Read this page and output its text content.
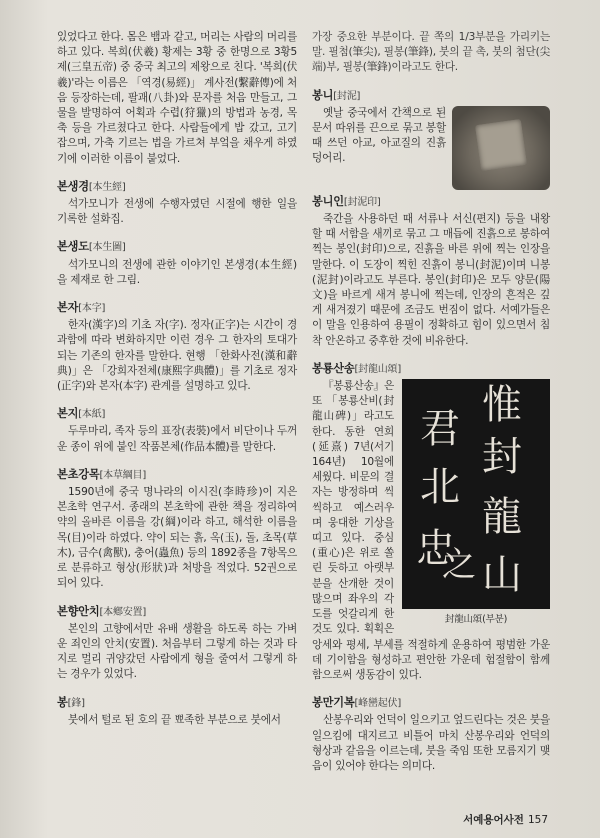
있었다고 한다. 몸은 뱀과 같고, 머리는 사람의 머리를 하고 있다. 복희(伏羲) 황제는 3황 중 한명으로 3황5제(三皇五帝) 중 중국 최고의 제왕으로 친다. '복희(伏羲)'라는 이름은 「역경(易經)」 계사전(繫辭傳)에 처음 등장하는데, 팔괘(八卦)와 문자를 처음 만들고, 그물을 발명하여 어획과 수렵(狩獵)의 방법과 농경, 목축 등을 가르쳤다고 한다. 사람들에게 밥 갔고, 고기 잡으며, 가축 기르는 법을 가르쳐 부엌을 채우게 하였기에 이러한 이름이 붙었다.

본생경[本生經]

석가모니가 전생에 수행자였던 시절에 행한 일을 기록한 설화집.

본생도[本生圖]

석가모니의 전생에 관한 이야기인 본생경(本生經)을 제재로 한 그림.

본자[本字]

한자(漢字)의 기초 자(字). 정자(正字)는 시간이 경과함에 따라 변화하지만 이런 경우 그 한자의 토대가 되는 기존의 한자를 말한다. 현행 「한화사전(漢和辭典)」은 「강희자전체(康熙字典體)」를 기초로 정자(正字)와 본자(本字) 관계를 설명하고 있다.

본지[本紙]

두루마리, 족자 등의 표장(表裝)에서 비단이나 두꺼운 종이 위에 붙인 작품본체(作品本體)를 말한다.

본초강목[本草綱目]

1590년에 중국 명나라의 이시진(李時珍)이 지은 본초학 연구서. 종래의 본초학에 관한 책을 정리하여 약의 올바른 이름을 강(綱)이라 하고, 해석한 이름을 목(目)이라 하였다. 약이 되는 흙, 옥(玉), 돌, 초목(草木), 금수(禽獸), 충어(蟲魚) 등의 1892종을 7항목으로 분류하고 형상(形狀)과 처방을 적었다. 52권으로 되어 있다.

본향안치[本鄕安置]

본인의 고향에서만 유배 생활을 하도록 하는 가벼운 죄인의 안치(安置). 처음부터 그렇게 하는 것과 타지로 멀리 귀양갔던 사람에게 형을 줄여서 그렇게 하는 경우가 있었다.

봉[鋒]

붓에서 털로 된 호의 끝 뾰족한 부분으로 붓에서

가장 중요한 부분이다. 끝 쪽의 1/3부분을 가리키는 말. 필첨(筆尖), 필봉(筆鋒), 붓의 끝 촉, 붓의 첨단(尖端)부, 필봉(筆鋒)이라고도 한다.

봉니[封泥]

옛날 중국에서 간책으로 된 문서 따위를 끈으로 묶고 봉할 때 쓰던 아교, 아교질의 진흙 덩어리.

봉니인[封泥印]

죽간을 사용하던 때 서류나 서신(편지) 등을 내왕할 때 서함을 새끼로 묶고 그 매듭에 진흙으로 봉하여 찍는 봉인(封印)으로, 진흙을 바른 위에 찍는 인장을 말한다. 이 도장이 찍힌 진흙이 봉니(封泥)이며 니봉(泥封)이라고도 부른다. 봉인(封印)은 모두 양문(陽文)을 바르게 새겨 봉니에 찍는데, 인장의 흔적은 깊게 새겨졌기 때문에 조금도 번짐이 없다. 서예가들은 이 말을 인용하여 용필이 정확하고 힘이 있으면서 침착 안온하고 중후한 것에 비유한다.

봉룡산송[封龍山頌]
惟
封
龍
山
君
北
忠
之
封龍山頌(부분)

『봉룡산송』은 또 「봉룡산비(封龍山碑)」라고도 한다. 동한 연희(延熹) 7년(서기 164년) 10월에 세웠다. 비문의 결자는 방정하며 씩씩하고 예스러우며 웅대한 기상을 띠고 있다. 중심(重心)은 위로 쏠린 듯하고 아랫부분을 산개한 것이 많으며 좌우의 각도를 엇갈리게 한 것도 있다. 획획은 앙세와 평세, 부세를 적절하게 운용하여 평범한 가운데 기이함을 형성하고 편안한 가운데 험절함이 함께 함으로써 생동감이 있다.

봉만기복[峰巒起伏]

산봉우리와 언덕이 일으키고 엎드린다는 것은 붓을 일으킴에 대지르고 비틀어 마치 산봉우리와 언덕의 형상과 같음을 이르는데, 붓을 죽임 또한 모름지기 맺음이 있어야 한다는 의미다.

서예용어사전 157
